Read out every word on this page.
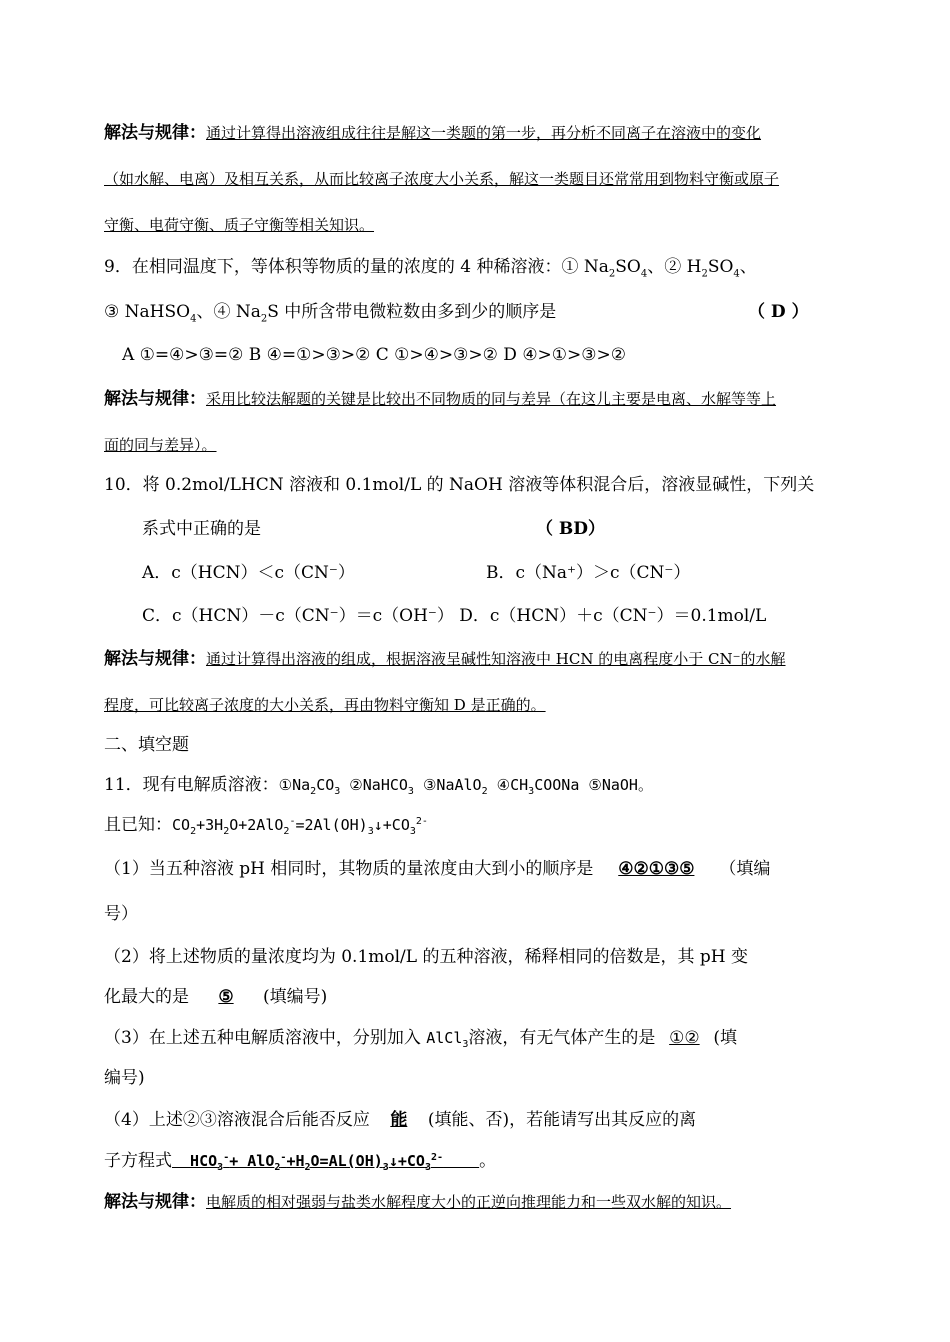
解法与规律：通过计算得出溶液组成往往是解这一类题的第一步，再分析不同离子在溶液中的变化
（如水解、电离）及相互关系，从而比较离子浓度大小关系，解这一类题目还常常用到物料守衡或原子
守衡、电荷守衡、质子守衡等相关知识。
9．在相同温度下，等体积等物质的量的浓度的 4 种稀溶液：① $Na_2SO_4$、② $H_2SO_4$、
③ NaHSO$_4$、④ $Na_2S$ 中所含带电微粒数由多到少的顺序是	（ D ）
A ①=④>③=② B ④=①>③>② C ①>④>③>② D ④>①>③>②
解法与规律：采用比较法解题的关键是比较出不同物质的同与差异（在这儿主要是电离、水解等等上
面的同与差异）。
10．将 0.2mol/LHCN 溶液和 0.1mol/L 的 NaOH 溶液等体积混合后，溶液显碱性，下列关
系式中正确的是	（ BD）
A．c（HCN）＜c（CN⁻）	B．c（Na⁺）＞c（CN⁻）
C．c（HCN）－c（CN⁻）＝c（OH⁻） D．c（HCN）＋c（CN⁻）＝0.1mol/L
解法与规律：通过计算得出溶液的组成，根据溶液呈碱性知溶液中 HCN 的电离程度小于 CN⁻的水解
程度，可比较离子浓度的大小关系，再由物料守衡知 D 是正确的。
二、填空题
11．现有电解质溶液：$①Na_2CO_3$ ②NaHCO$_3$ ③NaAlO$_2$ $④CH_3COONa$ ⑤NaOH。
且已知：$CO_2+3H_2O+2AlO_2^-=2Al(OH)_3↓+CO_3^{2-}$
（1）当五种溶液 pH 相同时，其物质的量浓度由大到小的顺序是 ④②①③⑤ （填编
号）
（2）将上述物质的量浓度均为 0.1mol/L 的五种溶液，稀释相同的倍数是，其 pH 变
化最大的是 ⑤ (填编号)
（3）在上述五种电解质溶液中，分别加入 AlCl$_3$溶液，有无气体产生的是 ①② (填
编号)
（4）上述②③溶液混合后能否反应 能 (填能、否)，若能请写出其反应的离
子方程式  $HCO_3^-+$ $AlO_2^-+H_2O=AL(OH)_3↓+CO_3^{2-}$ 。
解法与规律：电解质的相对强弱与盐类水解程度大小的正逆向推理能力和一些双水解的知识。
